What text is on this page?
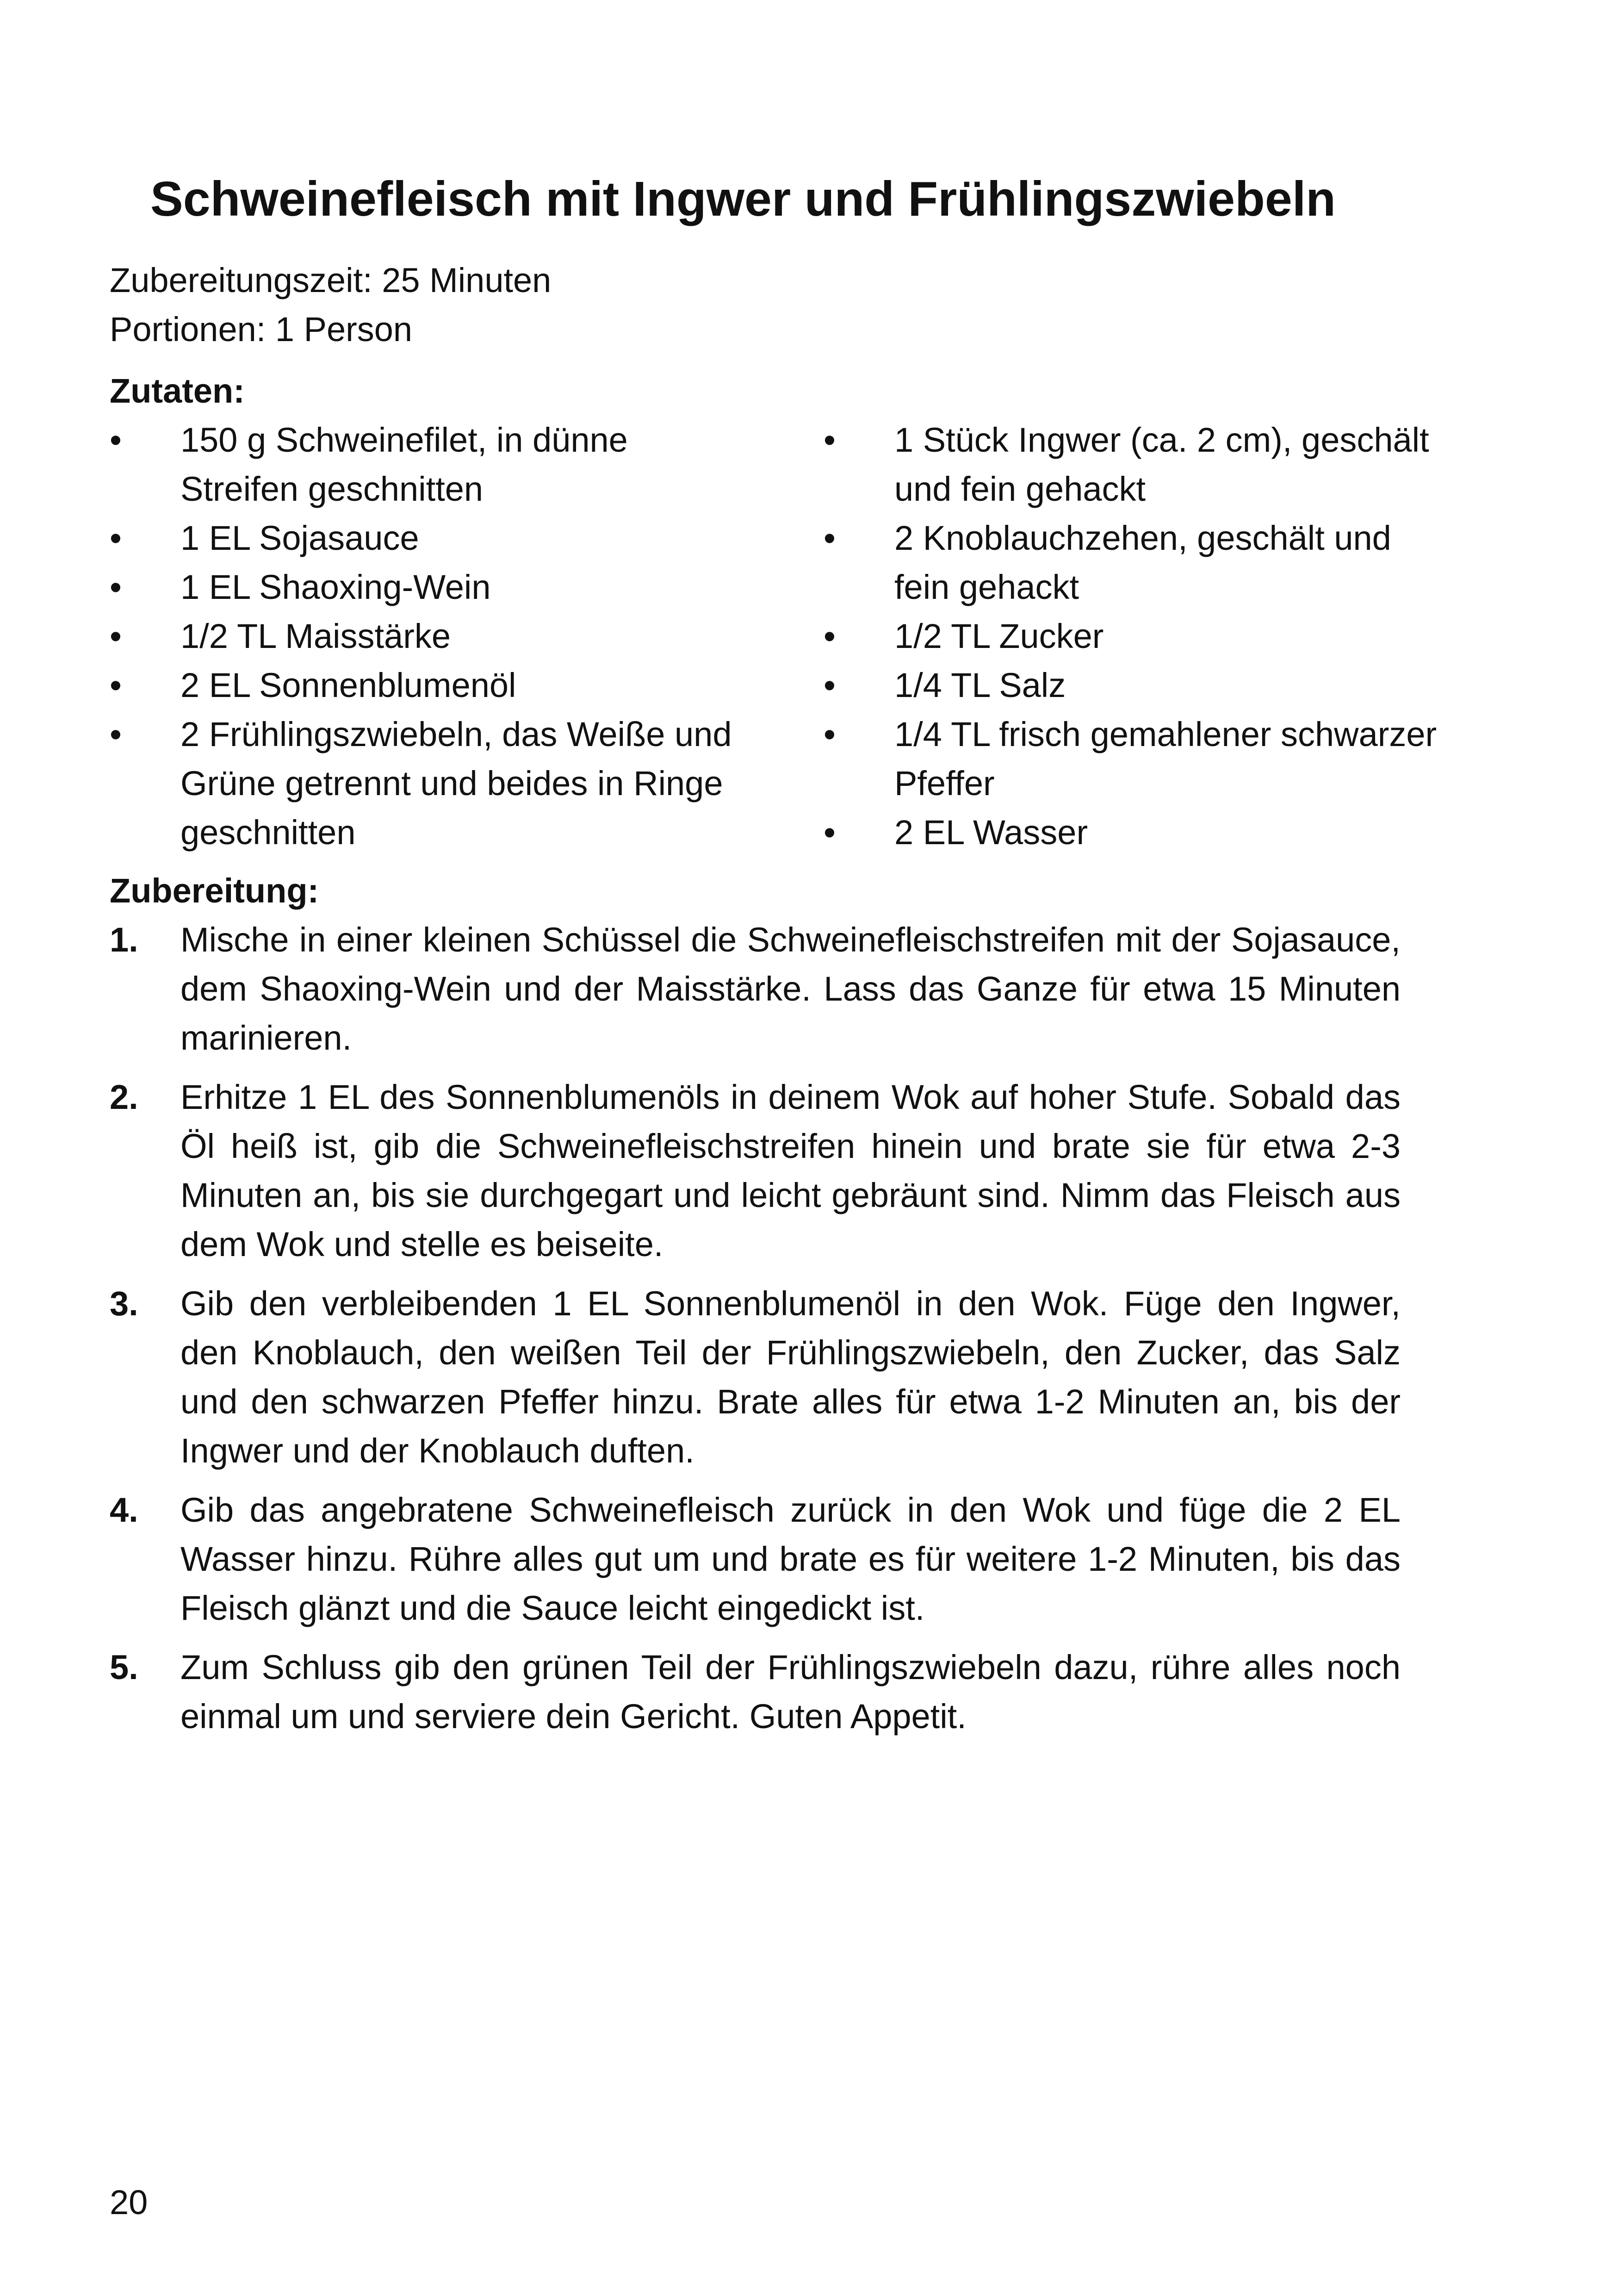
Schweinefleisch mit Ingwer und Frühlingszwiebeln
Zubereitungszeit: 25 Minuten
Portionen: 1 Person
Zutaten:
•	150 g Schweinefilet, in dünne Streifen geschnitten
•	1 EL Sojasauce
•	1 EL Shaoxing-Wein
•	1/2 TL Maisstärke
•	2 EL Sonnenblumenöl
•	2 Frühlingszwiebeln, das Weiße und Grüne getrennt und beides in Ringe geschnitten
•	1 Stück Ingwer (ca. 2 cm), geschält und fein gehackt
•	2 Knoblauchzehen, geschält und fein gehackt
•	1/2 TL Zucker
•	1/4 TL Salz
•	1/4 TL frisch gemahlener schwarzer Pfeffer
•	2 EL Wasser
Zubereitung:
1. Mische in einer kleinen Schüssel die Schweinefleischstreifen mit der Sojasauce, dem Shaoxing-Wein und der Maisstärke. Lass das Ganze für etwa 15 Minuten marinieren.
2. Erhitze 1 EL des Sonnenblumenöls in deinem Wok auf hoher Stufe. Sobald das Öl heiß ist, gib die Schweinefleischstreifen hinein und brate sie für etwa 2-3 Minuten an, bis sie durchgegart und leicht gebräunt sind. Nimm das Fleisch aus dem Wok und stelle es beiseite.
3. Gib den verbleibenden 1 EL Sonnenblumenöl in den Wok. Füge den Ingwer, den Knoblauch, den weißen Teil der Frühlingszwiebeln, den Zucker, das Salz und den schwarzen Pfeffer hinzu. Brate alles für etwa 1-2 Minuten an, bis der Ingwer und der Knoblauch duften.
4. Gib das angebratene Schweinefleisch zurück in den Wok und füge die 2 EL Wasser hinzu. Rühre alles gut um und brate es für weitere 1-2 Minuten, bis das Fleisch glänzt und die Sauce leicht eingedickt ist.
5. Zum Schluss gib den grünen Teil der Frühlingszwiebeln dazu, rühre alles noch einmal um und serviere dein Gericht. Guten Appetit.
20
